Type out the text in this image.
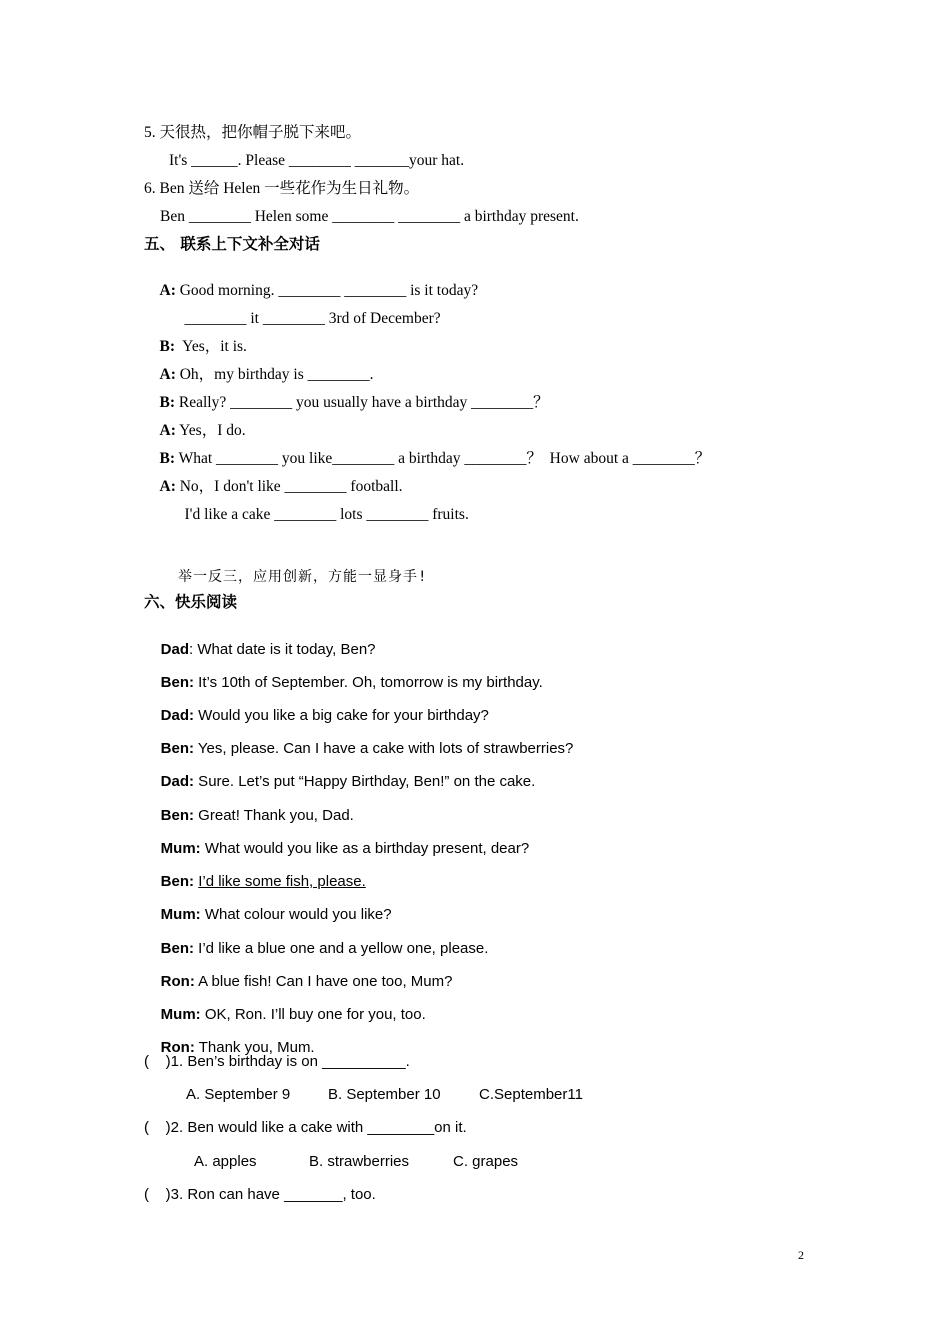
5. 天很热，把你帽子脱下来吧。
It's ______. Please ________ _______your hat.
6. Ben 送给 Helen 一些花作为生日礼物。
Ben ________ Helen some ________ ________ a birthday present.
五、 联系上下文补全对话

A: Good morning. ________ ________ is it today?

________ it ________ 3rd of December?

B:  Yes，it is.

A: Oh，my birthday is ________.

B: Really? ________ you usually have a birthday ________？

A: Yes，I do.

B: What ________ you like________ a birthday ________？  How about a ________？

A: No，I don't like ________ football.

I'd like a cake ________ lots ________ fruits.

举一反三，应用创新，方能一显身手!
六、快乐阅读

Dad: What date is it today, Ben?

Ben: It’s 10th of September. Oh, tomorrow is my birthday.

Dad: Would you like a big cake for your birthday?

Ben: Yes, please. Can I have a cake with lots of strawberries?

Dad: Sure. Let’s put “Happy Birthday, Ben!” on the cake.

Ben: Great! Thank you, Dad.

Mum: What would you like as a birthday present, dear?

Ben: I’d like some fish, please.

Mum: What colour would you like?

Ben: I’d like a blue one and a yellow one, please.

Ron: A blue fish! Can I have one too, Mum?

Mum: OK, Ron. I’ll buy one for you, too.

Ron: Thank you, Mum.

(    )1. Ben’s birthday is on __________.
A. September 9	B. September 10	C.September11
(    )2. Ben would like a cake with ________on it.
A. apples	B. strawberries	C. grapes
(    )3. Ron can have _______, too.
2
